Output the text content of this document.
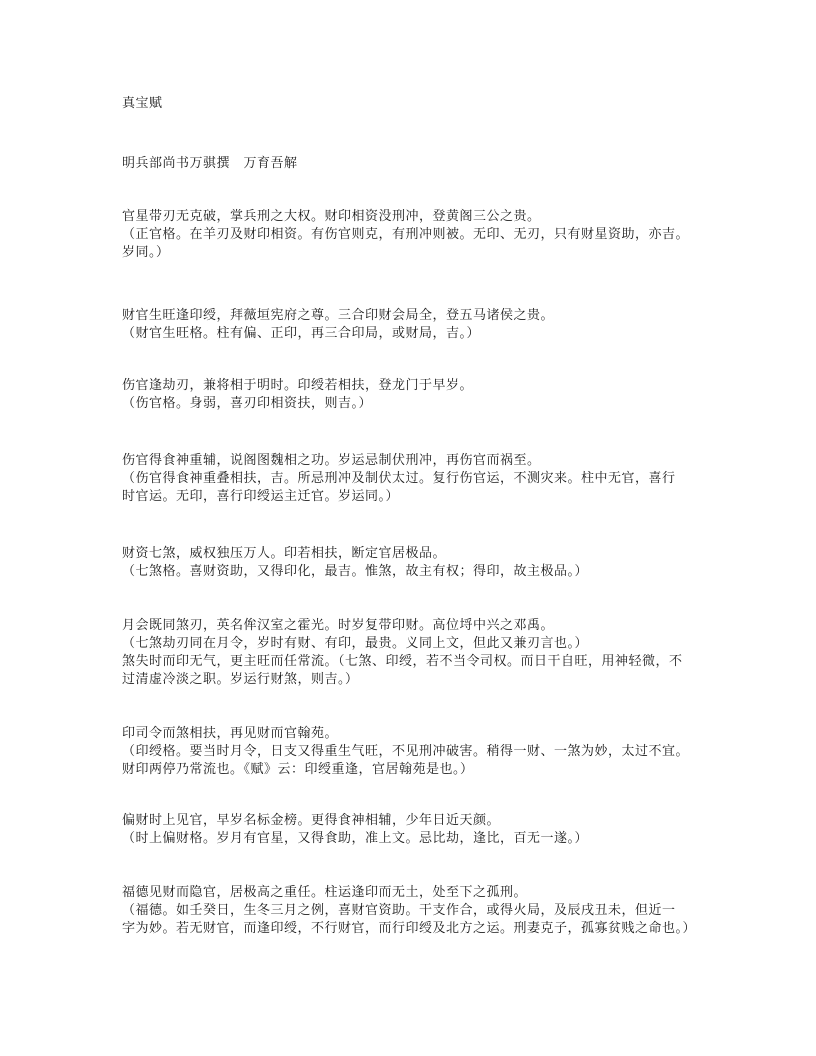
真宝赋
明兵部尚书万骐撰　万育吾解
官星带刃无克破，掌兵刑之大权。财印相资没刑冲，登黄阁三公之贵。
（正官格。在羊刃及财印相资。有伤官则克，有刑冲则被。无印、无刃，只有财星资助，亦吉。
岁同。）
财官生旺逢印绶，拜薇垣宪府之尊。三合印财会局全，登五马诸侯之贵。
（财官生旺格。柱有偏、正印，再三合印局，或财局，吉。）
伤官逢劫刃，兼将相于明时。印绶若相扶，登龙门于早岁。
（伤官格。身弱，喜刃印相资扶，则吉。）
伤官得食神重辅，说阁图魏相之功。岁运忌制伏刑冲，再伤官而祸至。
（伤官得食神重叠相扶，吉。所忌刑冲及制伏太过。复行伤官运，不测灾来。柱中无官，喜行
时官运。无印，喜行印绶运主迁官。岁运同。）
财资七煞，威权独压万人。印若相扶，断定官居极品。
（七煞格。喜财资助，又得印化，最吉。惟煞，故主有权；得印，故主极品。）
月会既同煞刃，英名侔汉室之霍光。时岁复带印财。高位埒中兴之邓禹。
（七煞劫刃同在月令，岁时有财、有印，最贵。义同上文，但此又兼刃言也。）
煞失时而印无气，更主旺而任常流。（七煞、印绶，若不当令司权。而日干自旺，用神轻微，不
过清虚冷淡之职。岁运行财煞，则吉。）
印司令而煞相扶，再见财而官翰苑。
（印绶格。要当时月令，日支又得重生气旺，不见刑冲破害。稍得一财、一煞为妙，太过不宜。
财印两停乃常流也。《赋》云：印绶重逢，官居翰苑是也。）
偏财时上见官，早岁名标金榜。更得食神相辅，少年日近天颜。
（时上偏财格。岁月有官星，又得食助，准上文。忌比劫，逢比，百无一遂。）
福德见财而隐官，居极高之重任。柱运逢印而无土，处至下之孤刑。
（福德。如壬癸日，生冬三月之例，喜财官资助。干支作合，或得火局，及辰戌丑未，但近一
字为妙。若无财官，而逢印绶，不行财官，而行印绶及北方之运。刑妻克子，孤寡贫贱之命也。）
